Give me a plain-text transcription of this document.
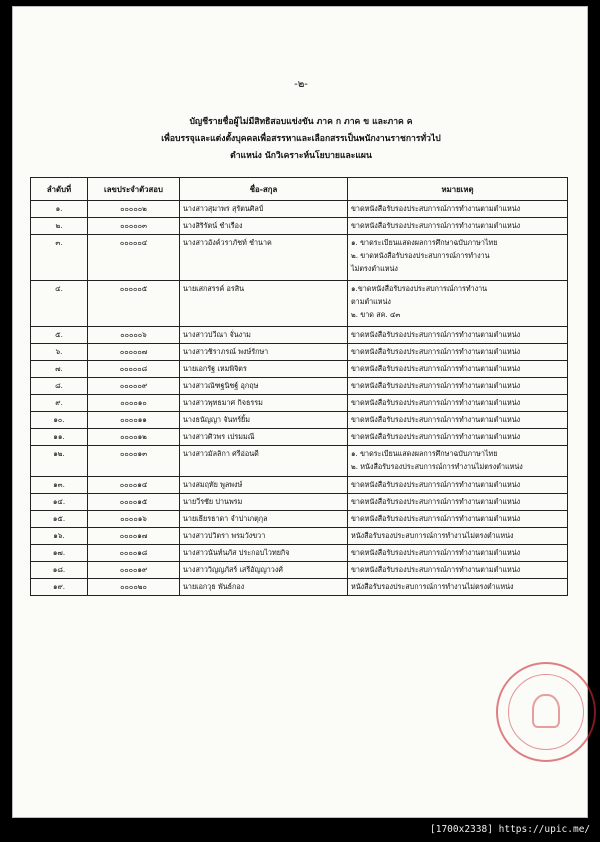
-๒-
บัญชีรายชื่อผู้ไม่มีสิทธิสอบแข่งขัน ภาค ก ภาค ข และภาค ค
เพื่อบรรจุและแต่งตั้งบุคคลเพื่อสรรหาและเลือกสรรเป็นพนักงานราชการทั่วไป
ตำแหน่ง นักวิเคราะห์นโยบายและแผน
ลำดับที่	เลขประจำตัวสอบ	ชื่อ-สกุล	หมายเหตุ
๑.	๐๐๐๐๐๒	นางสาวสุมาพร สุรัตนศิลป์	ขาดหนังสือรับรองประสบการณ์การทำงานตามตำแหน่ง

๒.	๐๐๐๐๐๓	นางสิริรัตน์ ชำเรือง	ขาดหนังสือรับรองประสบการณ์การทำงานตามตำแหน่ง

๓.	๐๐๐๐๐๔	นางสาวอังค์วราภัชท์ ชำนาค	๑. ขาดระเบียนแสดงผลการศึกษาฉบับภาษาไทย
๒. ขาดหนังสือรับรองประสบการณ์การทำงาน
ไม่ตรงตำแหน่ง

๔.	๐๐๐๐๐๕	นายเสกสรรค์ อรสิน	๑.ขาดหนังสือรับรองประสบการณ์การทำงาน
ตามตำแหน่ง
๒. ขาด สค. ๔๓

๕.	๐๐๐๐๐๖	นางสาวปวีณา จั่นงาม	ขาดหนังสือรับรองประสบการณ์การทำงานตามตำแหน่ง

๖.	๐๐๐๐๐๗	นางสาวชิราภรณ์ พงษ์รักษา	ขาดหนังสือรับรองประสบการณ์การทำงานตามตำแหน่ง

๗.	๐๐๐๐๐๘	นายเอกรัฐ เหมพิจิตร	ขาดหนังสือรับรองประสบการณ์การทำงานตามตำแหน่ง

๘.	๐๐๐๐๐๙	นางสาวณัฑฐนิชฐ์ อุกฤษ	ขาดหนังสือรับรองประสบการณ์การทำงานตามตำแหน่ง

๙.	๐๐๐๐๑๐	นางสาวพุทธมาศ กิจธรรม	ขาดหนังสือรับรองประสบการณ์การทำงานตามตำแหน่ง

๑๐.	๐๐๐๐๑๑	นางธนัญญา จันทร์ยิ้ม	ขาดหนังสือรับรองประสบการณ์การทำงานตามตำแหน่ง

๑๑.	๐๐๐๐๑๒	นางสาวศิวพร เปรมมณี	ขาดหนังสือรับรองประสบการณ์การทำงานตามตำแหน่ง

๑๒.	๐๐๐๐๑๓	นางสาวมัลลิกา ศรีอ่อนดี	๑. ขาดระเบียนแสดงผลการศึกษาฉบับภาษาไทย
๒. หนังสือรับรองประสบการณ์การทำงานไม่ตรงตำแหน่ง

๑๓.	๐๐๐๐๑๔	นางสมฤทัย พูลพงษ์	ขาดหนังสือรับรองประสบการณ์การทำงานตามตำแหน่ง

๑๔.	๐๐๐๐๑๕	นายวีรชัย ปานพรม	ขาดหนังสือรับรองประสบการณ์การทำงานตามตำแหน่ง

๑๕.	๐๐๐๐๑๖	นายเธียรธาดา จำปาเกตุกุล	ขาดหนังสือรับรองประสบการณ์การทำงานตามตำแหน่ง

๑๖.	๐๐๐๐๑๗	นางสาวปวิตรา พรมวังขวา	หนังสือรับรองประสบการณ์การทำงานไม่ตรงตำแหน่ง

๑๗.	๐๐๐๐๑๘	นางสาวนันท์นภัส ประกอบไวทยกิจ	ขาดหนังสือรับรองประสบการณ์การทำงานตามตำแหน่ง

๑๘.	๐๐๐๐๑๙	นางสาววิญญภัสร์ เสรีอัญญาวงศ์	ขาดหนังสือรับรองประสบการณ์การทำงานตามตำแหน่ง

๑๙.	๐๐๐๐๒๐	นายเอกวุธ พันธ์กอง	หนังสือรับรองประสบการณ์การทำงานไม่ตรงตำแหน่ง
[1700x2338] https://upic.me/
